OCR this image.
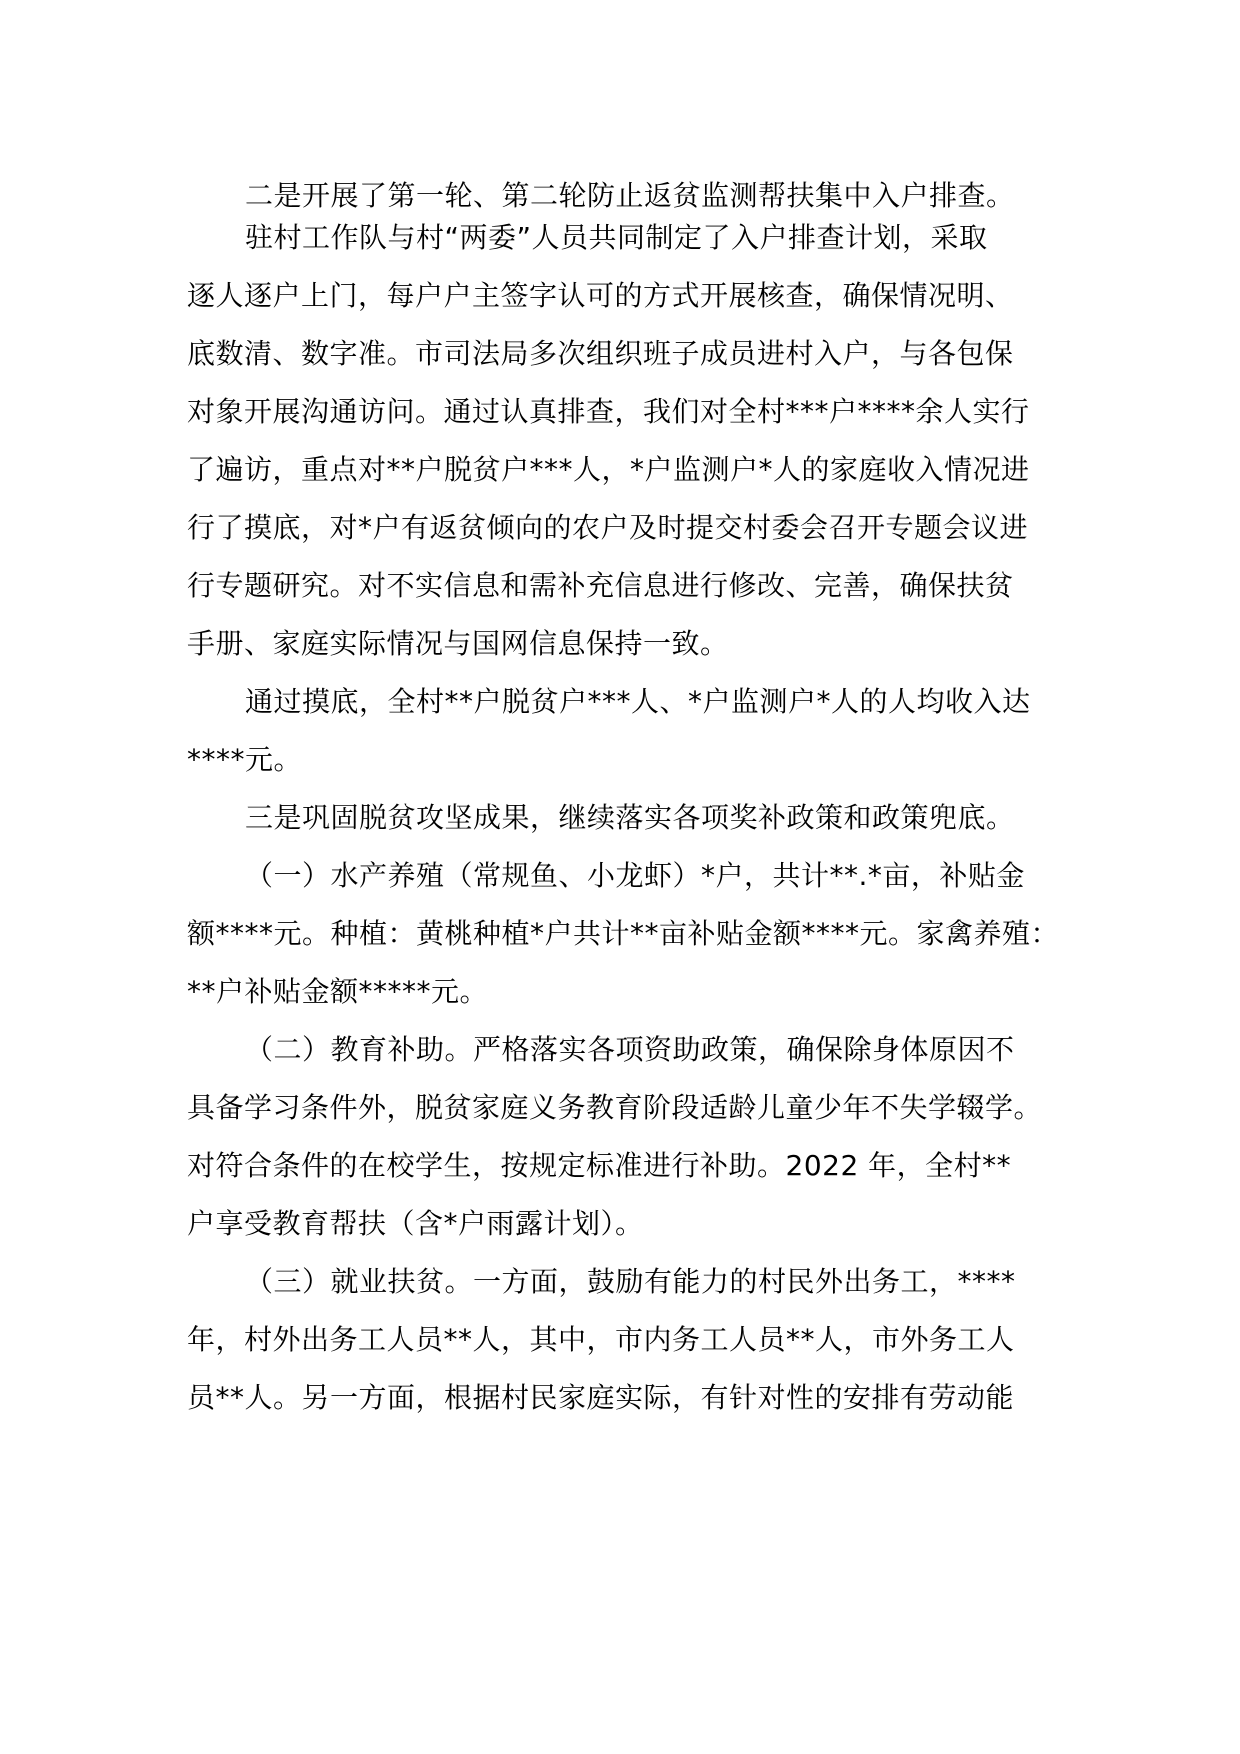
二是开展了第一轮、第二轮防止返贫监测帮扶集中入户排查。

驻村工作队与村“两委”人员共同制定了入户排查计划，采取

逐人逐户上门，每户户主签字认可的方式开展核查，确保情况明、

底数清、数字准。市司法局多次组织班子成员进村入户，与各包保

对象开展沟通访问。通过认真排查，我们对全村***户****余人实行

了遍访，重点对**户脱贫户***人，*户监测户*人的家庭收入情况进

行了摸底，对*户有返贫倾向的农户及时提交村委会召开专题会议进

行专题研究。对不实信息和需补充信息进行修改、完善，确保扶贫

手册、家庭实际情况与国网信息保持一致。

通过摸底，全村**户脱贫户***人、*户监测户*人的人均收入达

****元。

三是巩固脱贫攻坚成果，继续落实各项奖补政策和政策兜底。

（一）水产养殖（常规鱼、小龙虾）*户，共计**.*亩，补贴金

额****元。种植：黄桃种植*户共计**亩补贴金额****元。家禽养殖：

**户补贴金额*****元。

（二）教育补助。严格落实各项资助政策，确保除身体原因不

具备学习条件外，脱贫家庭义务教育阶段适龄儿童少年不失学辍学。

对符合条件的在校学生，按规定标准进行补助。2022 年，全村**

户享受教育帮扶（含*户雨露计划）。

（三）就业扶贫。一方面，鼓励有能力的村民外出务工，****

年，村外出务工人员**人，其中，市内务工人员**人，市外务工人

员**人。另一方面，根据村民家庭实际，有针对性的安排有劳动能
